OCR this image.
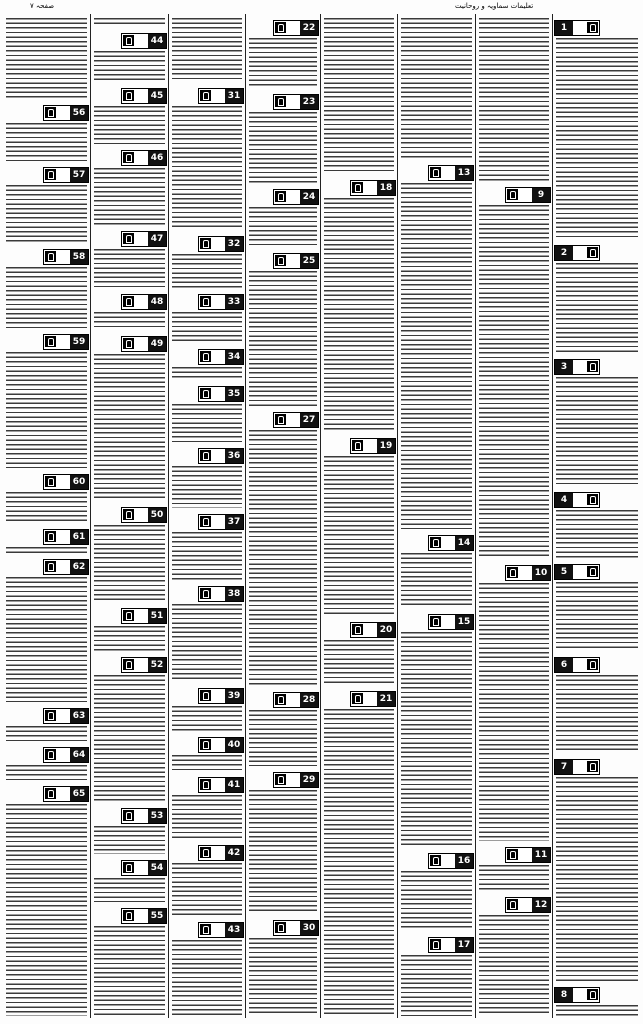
تعلیمات سماویہ و روحانیت
صفحہ ۷
1
2
3
4
5
6
7
8
9
10
11
12
13
14
15
16
17
18
19
20
21
22
23
24
25
27
28
29
30
31
32
33
34
35
36
37
38
39
40
41
42
43
44
45
46
47
48
49
50
51
52
53
54
55
56
57
58
59
60
61
62
63
64
65
